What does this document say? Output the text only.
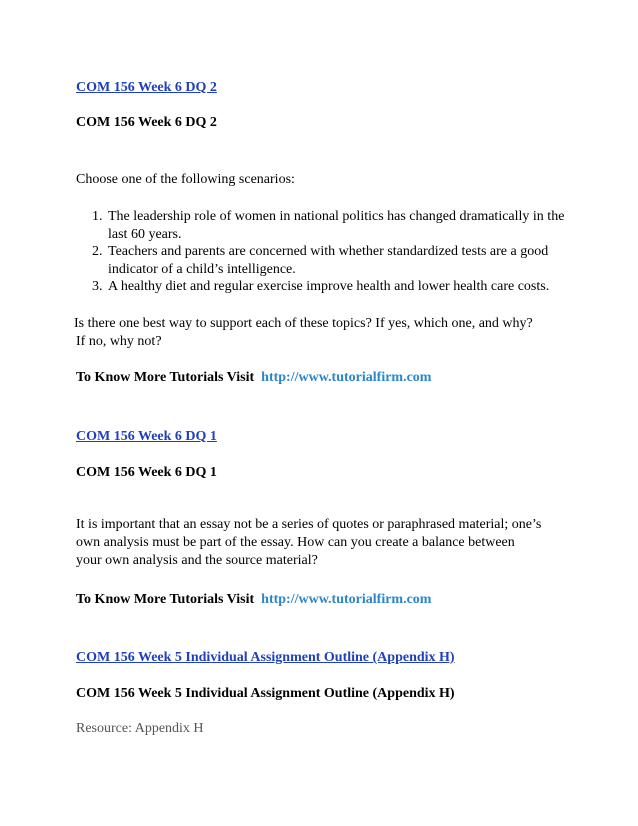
COM 156 Week 6 DQ 2
COM 156 Week 6 DQ 2
Choose one of the following scenarios:
1. The leadership role of women in national politics has changed dramatically in the last 60 years.
2. Teachers and parents are concerned with whether standardized tests are a good indicator of a child’s intelligence.
3. A healthy diet and regular exercise improve health and lower health care costs.
Is there one best way to support each of these topics? If yes, which one, and why?
If no, why not?
To Know More Tutorials Visit http://www.tutorialfirm.com
COM 156 Week 6 DQ 1
COM 156 Week 6 DQ 1
It is important that an essay not be a series of quotes or paraphrased material; one’s
own analysis must be part of the essay. How can you create a balance between
your own analysis and the source material?
To Know More Tutorials Visit http://www.tutorialfirm.com
COM 156 Week 5 Individual Assignment Outline (Appendix H)
COM 156 Week 5 Individual Assignment Outline (Appendix H)
Resource: Appendix H
